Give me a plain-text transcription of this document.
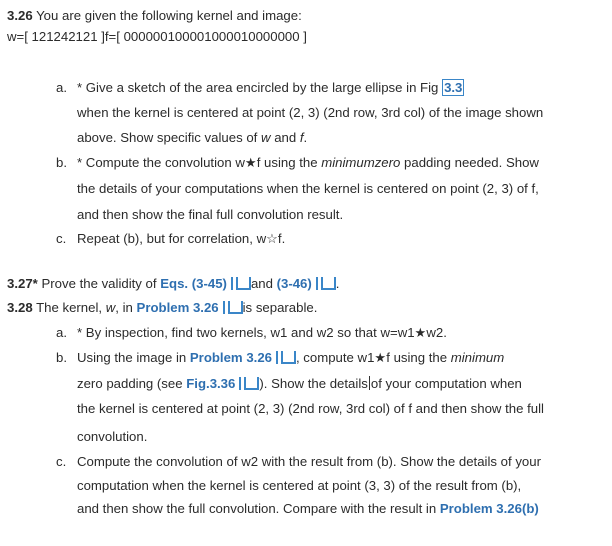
3.26 You are given the following kernel and image:
w=[ 121242121 ]f=[ 000000100001000010000000 ]
a. * Give a sketch of the area encircled by the large ellipse in Fig 3.3
when the kernel is centered at point (2, 3) (2nd row, 3rd col) of the image shown
above. Show specific values of w and f.
b. * Compute the convolution w★f using the minimumzero padding needed. Show
the details of your computations when the kernel is centered on point (2, 3) of f,
and then show the final full convolution result.
c. Repeat (b), but for correlation, w☆f.
3.27* Prove the validity of Eqs. (3-45) and (3-46) .
3.28 The kernel, w, in Problem 3.26 is separable.
a. * By inspection, find two kernels, w1 and w2 so that w=w1★w2.
b. Using the image in Problem 3.26 , compute w1★f using the minimum
zero padding (see Fig.3.36 ). Show the details of your computation when
the kernel is centered at point (2, 3) (2nd row, 3rd col) of f and then show the full
convolution.
c. Compute the convolution of w2 with the result from (b). Show the details of your
computation when the kernel is centered at point (3, 3) of the result from (b),
and then show the full convolution. Compare with the result in Problem 3.26(b)
